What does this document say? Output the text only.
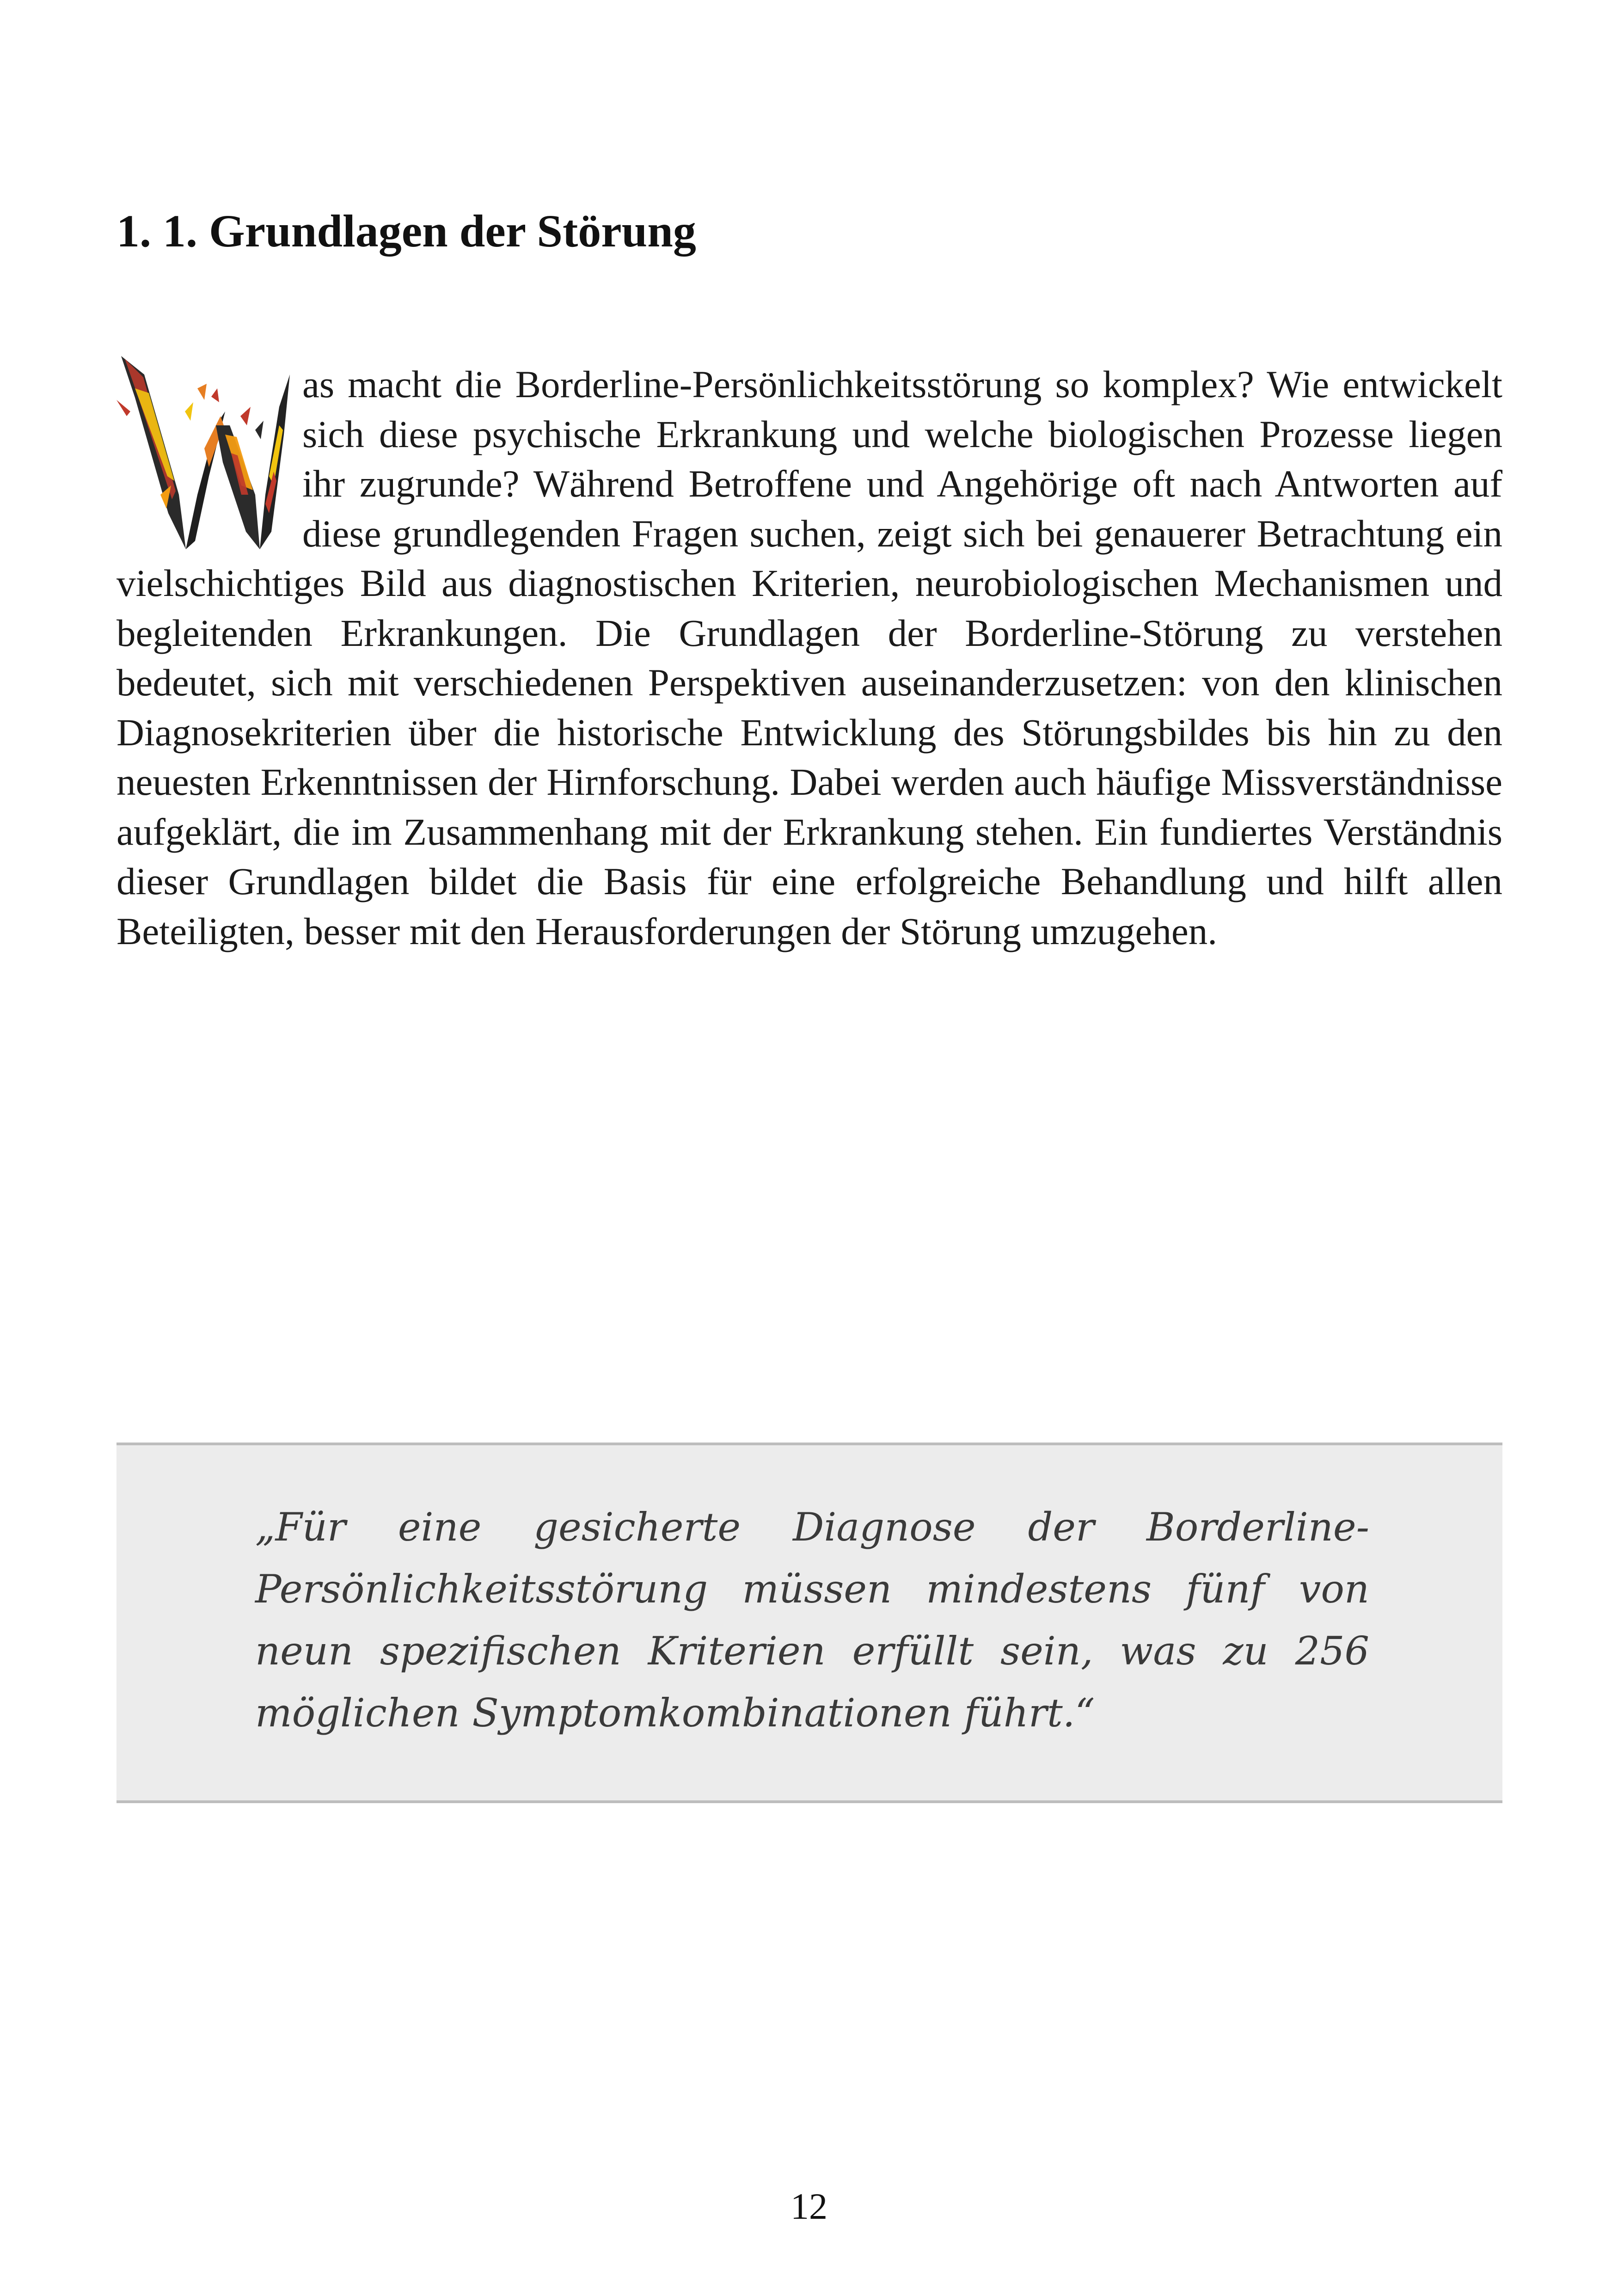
1. 1. Grundlagen der Störung

as macht die Borderline-Persönlichkeitsstörung so komplex? Wie entwickelt sich diese psychische Erkrankung und welche biologischen Prozesse liegen ihr zugrunde? Während Betroffene und Angehörige oft nach Antworten auf diese grundlegenden Fragen suchen, zeigt sich bei genauerer Betrachtung ein vielschichtiges Bild aus diagnostischen Kriterien, neurobiologischen Mechanismen und begleitenden Erkrankungen. Die Grundlagen der Borderline-Störung zu verstehen bedeutet, sich mit verschiedenen Perspektiven auseinanderzusetzen: von den klinischen Diagnosekriterien über die historische Entwicklung des Störungsbildes bis hin zu den neuesten Erkenntnissen der Hirnforschung. Dabei werden auch häufige Missverständnisse aufgeklärt, die im Zusammenhang mit der Erkrankung stehen. Ein fundiertes Verständnis dieser Grundlagen bildet die Basis für eine erfolgreiche Behandlung und hilft allen Beteiligten, besser mit den Herausforderungen der Störung umzugehen.

„Für eine gesicherte Diagnose der Borderline-Persönlichkeitsstörung müssen mindestens fünf von neun spezifischen Kriterien erfüllt sein, was zu 256 möglichen Symptomkombinationen führt.“

12
